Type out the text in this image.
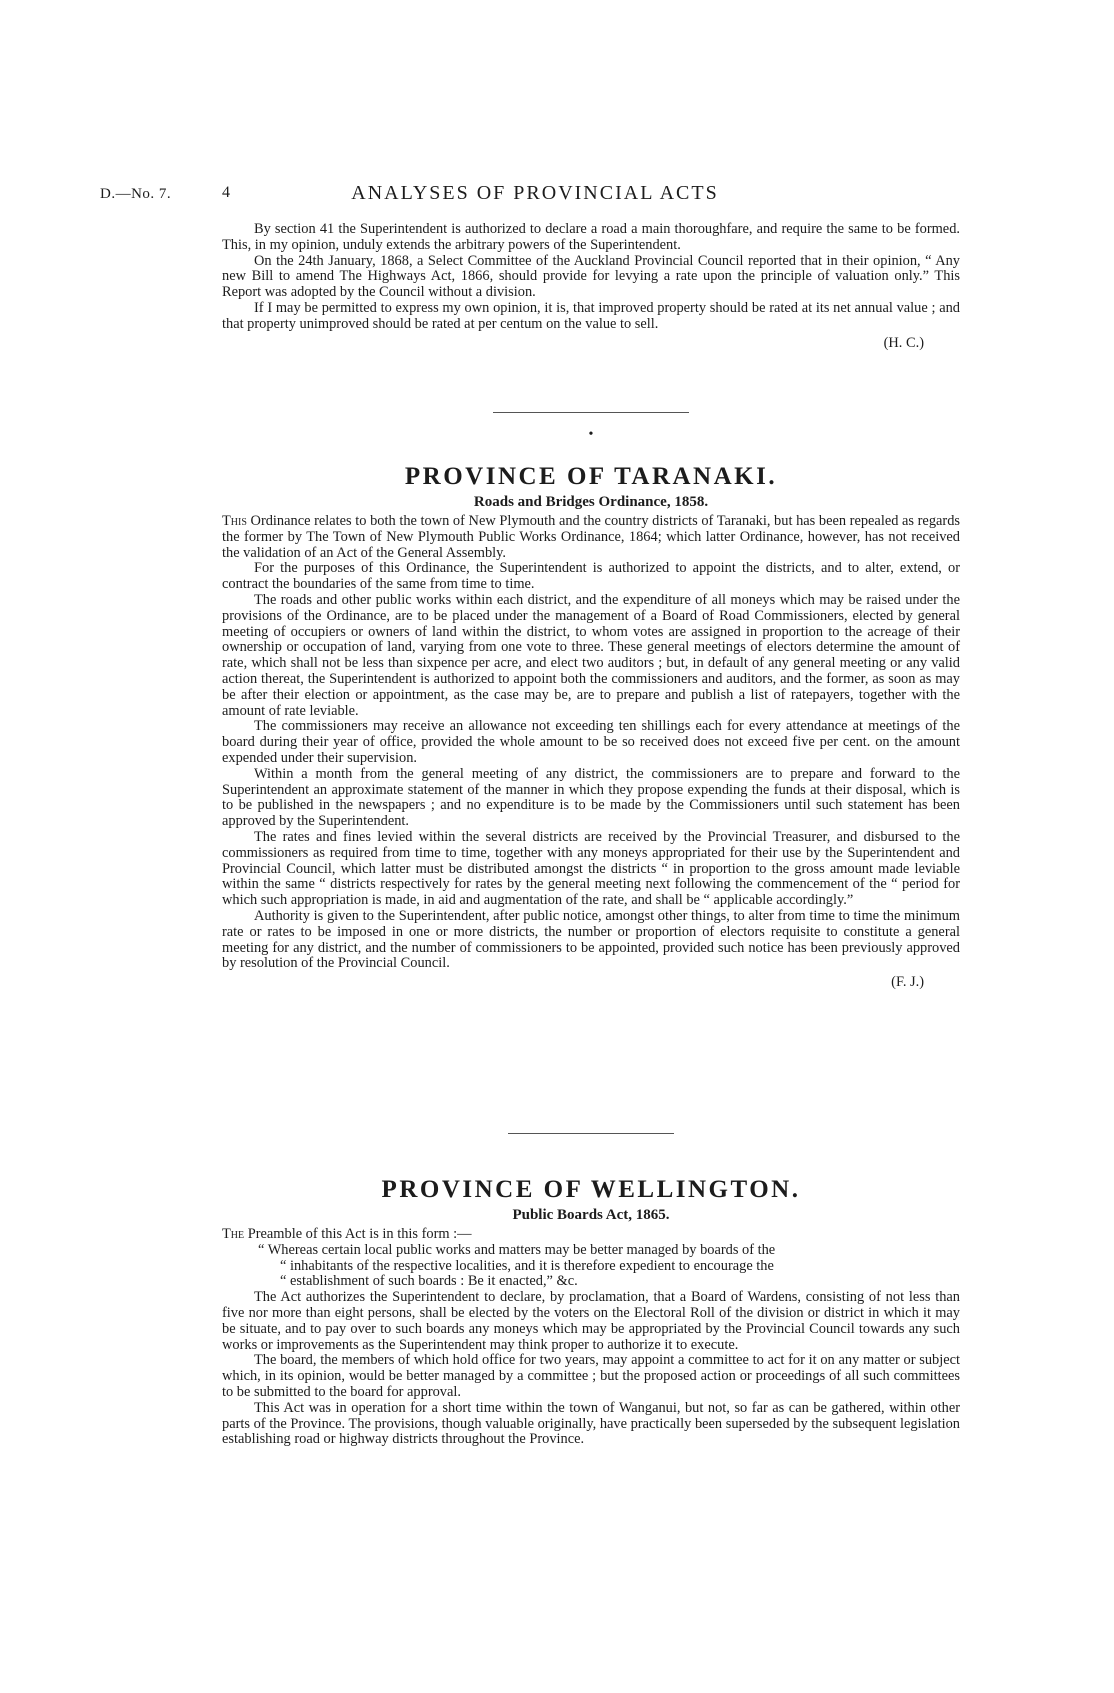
D.—No. 7.	4	ANALYSES OF PROVINCIAL ACTS

By section 41 the Superintendent is authorized to declare a road a main thoroughfare, and require the same to be formed. This, in my opinion, unduly extends the arbitrary powers of the Superintendent.

On the 24th January, 1868, a Select Committee of the Auckland Provincial Council reported that in their opinion, “ Any new Bill to amend The Highways Act, 1866, should provide for levying a rate upon the principle of valuation only.” This Report was adopted by the Council without a division.

If I may be permitted to express my own opinion, it is, that improved property should be rated at its net annual value ; and that property unimproved should be rated at per centum on the value to sell.

(H. C.)
•
PROVINCE OF TARANAKI.
Roads and Bridges Ordinance, 1858.

This Ordinance relates to both the town of New Plymouth and the country districts of Taranaki, but has been repealed as regards the former by The Town of New Plymouth Public Works Ordinance, 1864; which latter Ordinance, however, has not received the validation of an Act of the General Assembly.

For the purposes of this Ordinance, the Superintendent is authorized to appoint the districts, and to alter, extend, or contract the boundaries of the same from time to time.

The roads and other public works within each district, and the expenditure of all moneys which may be raised under the provisions of the Ordinance, are to be placed under the management of a Board of Road Commissioners, elected by general meeting of occupiers or owners of land within the district, to whom votes are assigned in proportion to the acreage of their ownership or occupation of land, varying from one vote to three. These general meetings of electors determine the amount of rate, which shall not be less than sixpence per acre, and elect two auditors ; but, in default of any general meeting or any valid action thereat, the Superintendent is authorized to appoint both the commissioners and auditors, and the former, as soon as may be after their election or appointment, as the case may be, are to prepare and publish a list of ratepayers, together with the amount of rate leviable.

The commissioners may receive an allowance not exceeding ten shillings each for every attendance at meetings of the board during their year of office, provided the whole amount to be so received does not exceed five per cent. on the amount expended under their supervision.

Within a month from the general meeting of any district, the commissioners are to prepare and forward to the Superintendent an approximate statement of the manner in which they propose expending the funds at their disposal, which is to be published in the newspapers ; and no expenditure is to be made by the Commissioners until such statement has been approved by the Superintendent.

The rates and fines levied within the several districts are received by the Provincial Treasurer, and disbursed to the commissioners as required from time to time, together with any moneys appropriated for their use by the Superintendent and Provincial Council, which latter must be distributed amongst the districts “ in proportion to the gross amount made leviable within the same “ districts respectively for rates by the general meeting next following the commencement of the “ period for which such appropriation is made, in aid and augmentation of the rate, and shall be “ applicable accordingly.”

Authority is given to the Superintendent, after public notice, amongst other things, to alter from time to time the minimum rate or rates to be imposed in one or more districts, the number or proportion of electors requisite to constitute a general meeting for any district, and the number of commissioners to be appointed, provided such notice has been previously approved by resolution of the Provincial Council.

(F. J.)
PROVINCE OF WELLINGTON.
Public Boards Act, 1865.

The Preamble of this Act is in this form :—

“ Whereas certain local public works and matters may be better managed by boards of the

“ inhabitants of the respective localities, and it is therefore expedient to encourage the

“ establishment of such boards : Be it enacted,” &c.

The Act authorizes the Superintendent to declare, by proclamation, that a Board of Wardens, consisting of not less than five nor more than eight persons, shall be elected by the voters on the Electoral Roll of the division or district in which it may be situate, and to pay over to such boards any moneys which may be appropriated by the Provincial Council towards any such works or improvements as the Superintendent may think proper to authorize it to execute.

The board, the members of which hold office for two years, may appoint a committee to act for it on any matter or subject which, in its opinion, would be better managed by a committee ; but the proposed action or proceedings of all such committees to be submitted to the board for approval.

This Act was in operation for a short time within the town of Wanganui, but not, so far as can be gathered, within other parts of the Province. The provisions, though valuable originally, have practically been superseded by the subsequent legislation establishing road or highway districts throughout the Province.
